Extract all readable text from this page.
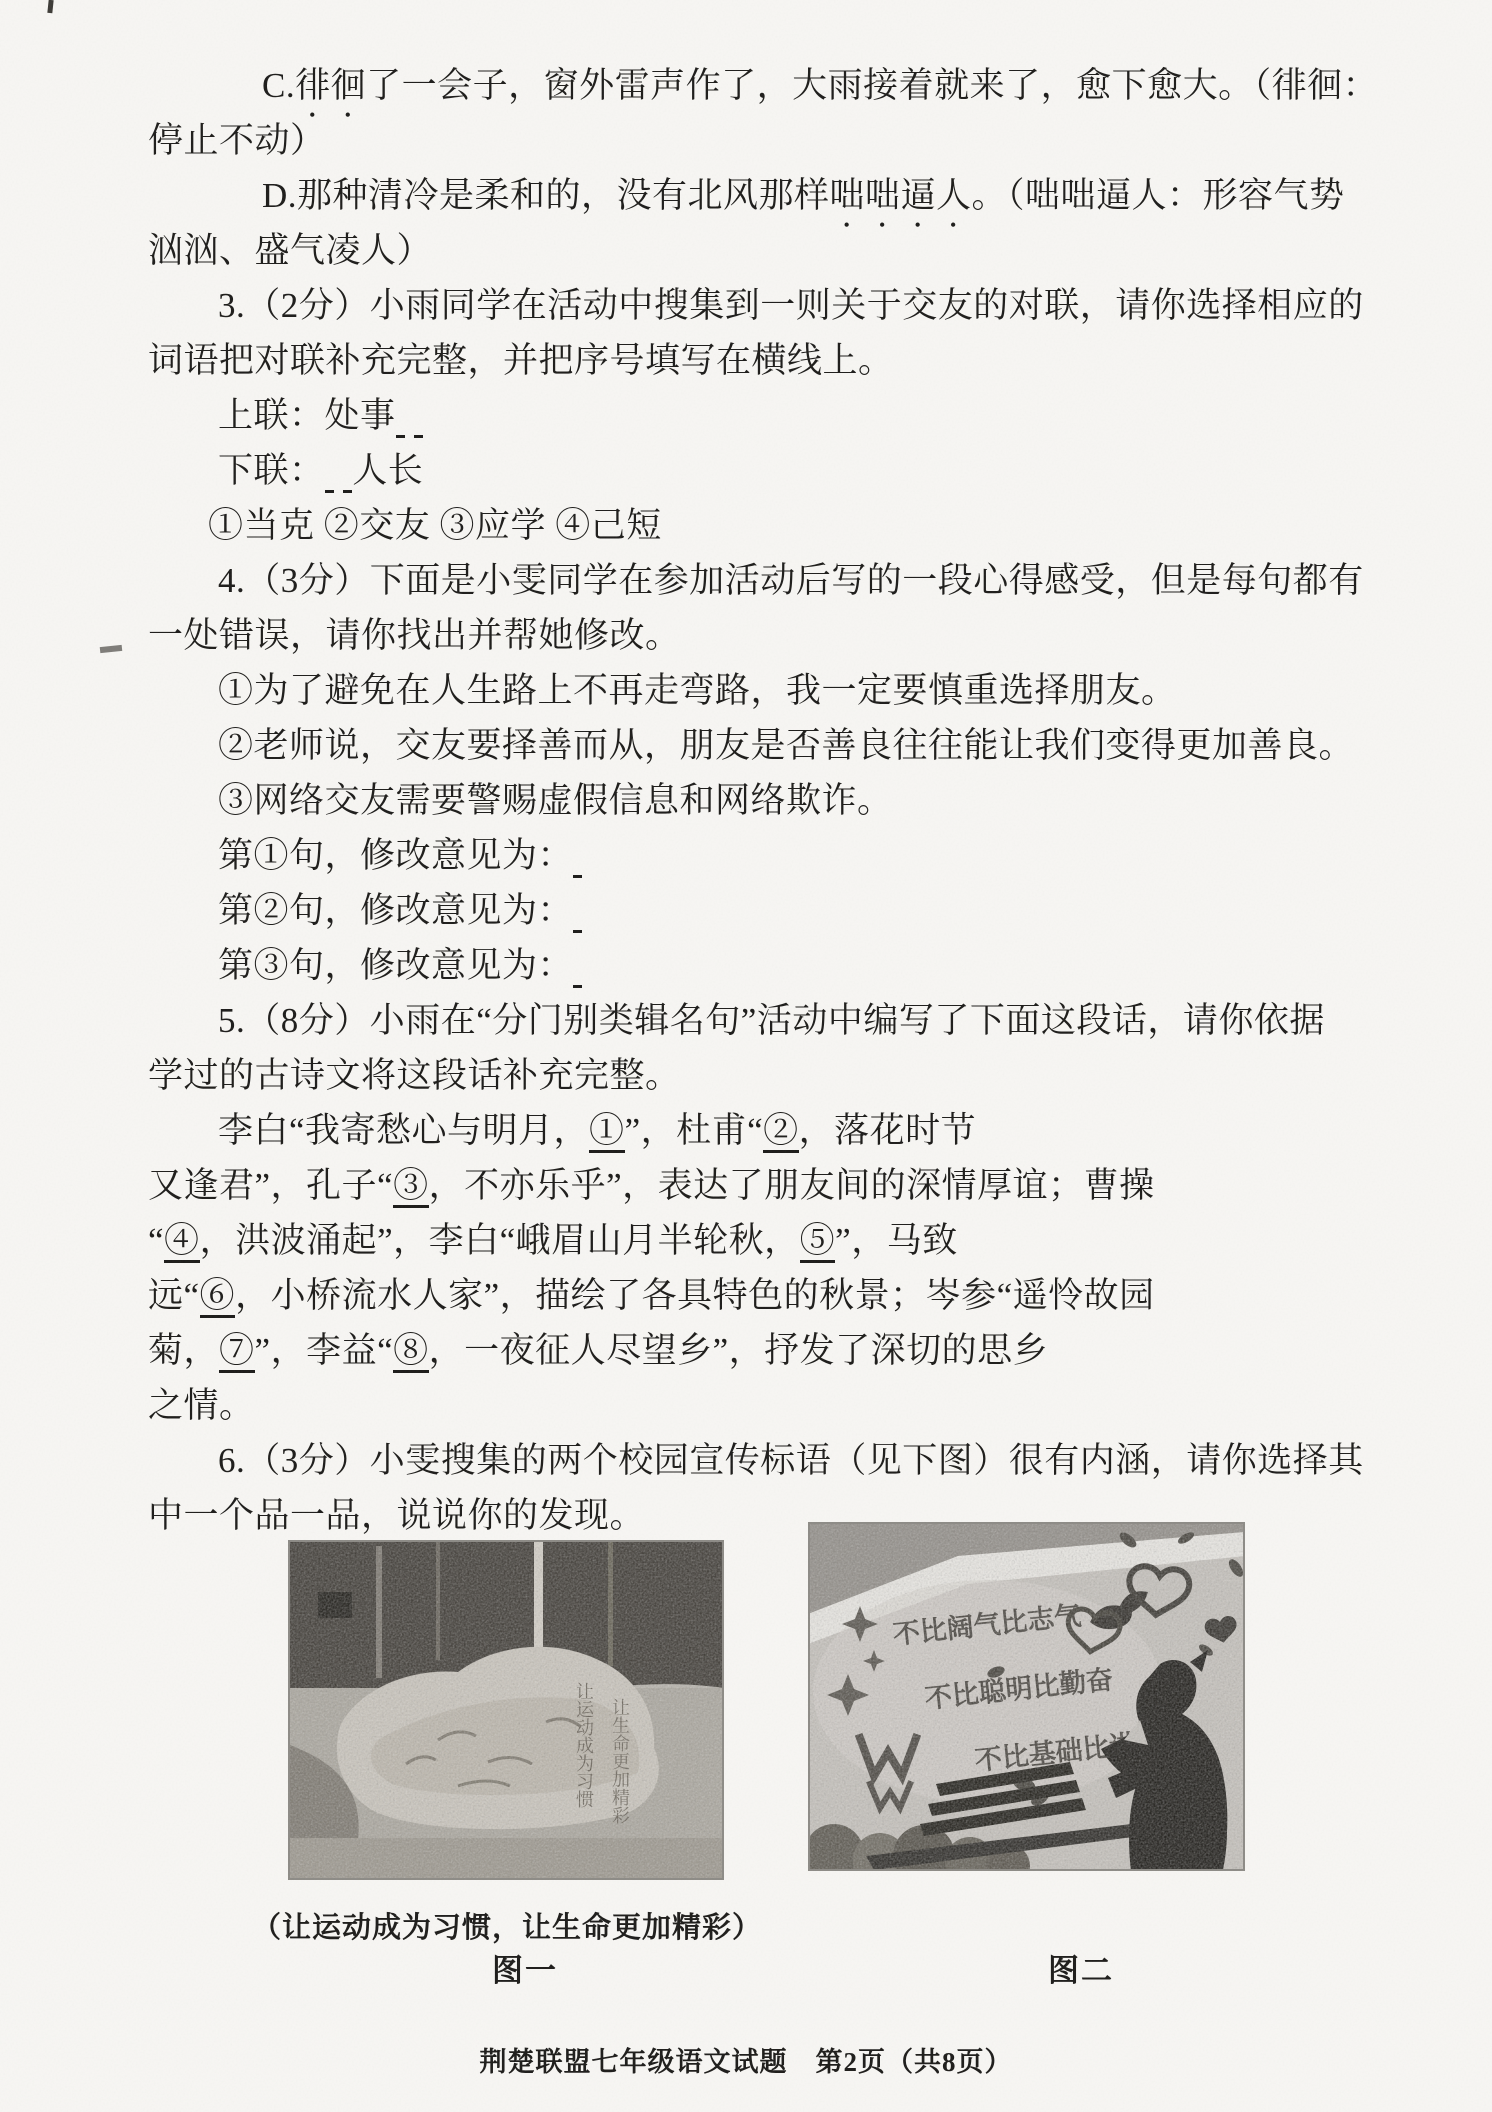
C.徘徊了一会子，窗外雷声作了，大雨接着就来了，愈下愈大。（徘徊：
停止不动）
D.那种清冷是柔和的，没有北风那样咄咄逼人。（咄咄逼人：形容气势
汹汹、盛气凌人）
3.（2分）小雨同学在活动中搜集到一则关于交友的对联，请你选择相应的
词语把对联补充完整，并把序号填写在横线上。
上联：处事
下联： 人长
①当克 ②交友 ③应学 ④己短
4.（3分）下面是小雯同学在参加活动后写的一段心得感受，但是每句都有
一处错误，请你找出并帮她修改。
①为了避免在人生路上不再走弯路，我一定要慎重选择朋友。
②老师说，交友要择善而从，朋友是否善良往往能让我们变得更加善良。
③网络交友需要警赐虚假信息和网络欺诈。
第①句，修改意见为：
第②句，修改意见为：
第③句，修改意见为：
5.（8分）小雨在“分门别类辑名句”活动中编写了下面这段话，请你依据
学过的古诗文将这段话补充完整。
李白“我寄愁心与明月，①”，杜甫“②，落花时节
又逢君”，孔子“③，不亦乐乎”，表达了朋友间的深情厚谊；曹操
“④，洪波涌起”，李白“峨眉山月半轮秋，⑤”，马致
远“⑥，小桥流水人家”，描绘了各具特色的秋景；岑参“遥怜故园
菊，⑦”，李益“⑧，一夜征人尽望乡”，抒发了深切的思乡
之情。
6.（3分）小雯搜集的两个校园宣传标语（见下图）很有内涵，请你选择其
中一个品一品，说说你的发现。
（让运动成为习惯，让生命更加精彩）
图一	图二
荆楚联盟七年级语文试题　第2页（共8页）
